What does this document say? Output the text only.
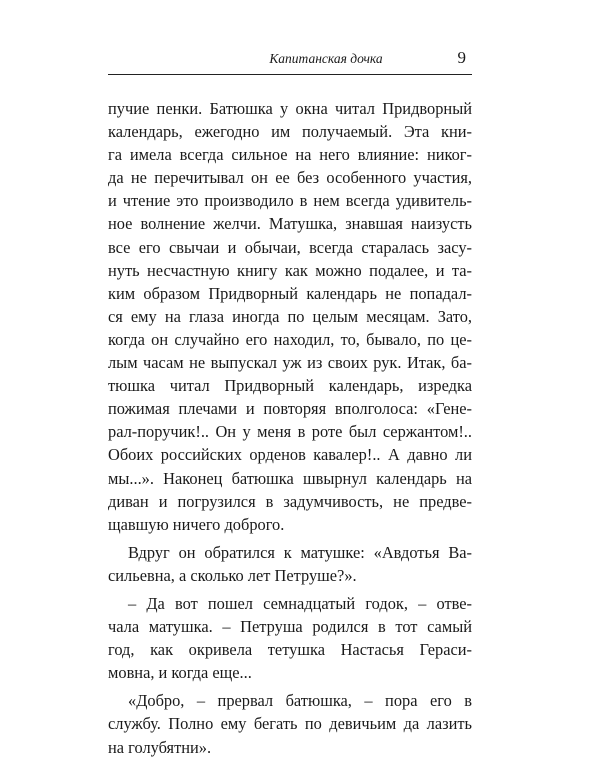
Капитанская дочка	9
пучие пенки. Батюшка у окна читал Придворный
календарь, ежегодно им получаемый. Эта кни-
га имела всегда сильное на него влияние: никог-
да не перечитывал он ее без особенного участия,
и чтение это производило в нем всегда удивитель-
ное волнение желчи. Матушка, знавшая наизусть
все его свычаи и обычаи, всегда старалась засу-
нуть несчастную книгу как можно подалее, и та-
ким образом Придворный календарь не попадал-
ся ему на глаза иногда по целым месяцам. Зато,
когда он случайно его находил, то, бывало, по це-
лым часам не выпускал уж из своих рук. Итак, ба-
тюшка читал Придворный календарь, изредка
пожимая плечами и повторяя вполголоса: «Гене-
рал-поручик!.. Он у меня в роте был сержантом!..
Обоих российских орденов кавалер!.. А давно ли
мы...». Наконец батюшка швырнул календарь на
диван и погрузился в задумчивость, не предве-
щавшую ничего доброго.
Вдруг он обратился к матушке: «Авдотья Ва-
сильевна, а сколько лет Петруше?».
– Да вот пошел семнадцатый годок, – отве-
чала матушка. – Петруша родился в тот самый
год, как окривела тетушка Настасья Гераси-
мовна, и когда еще...
«Добро, – прервал батюшка, – пора его в
службу. Полно ему бегать по девичьим да лазить
на голубятни».
